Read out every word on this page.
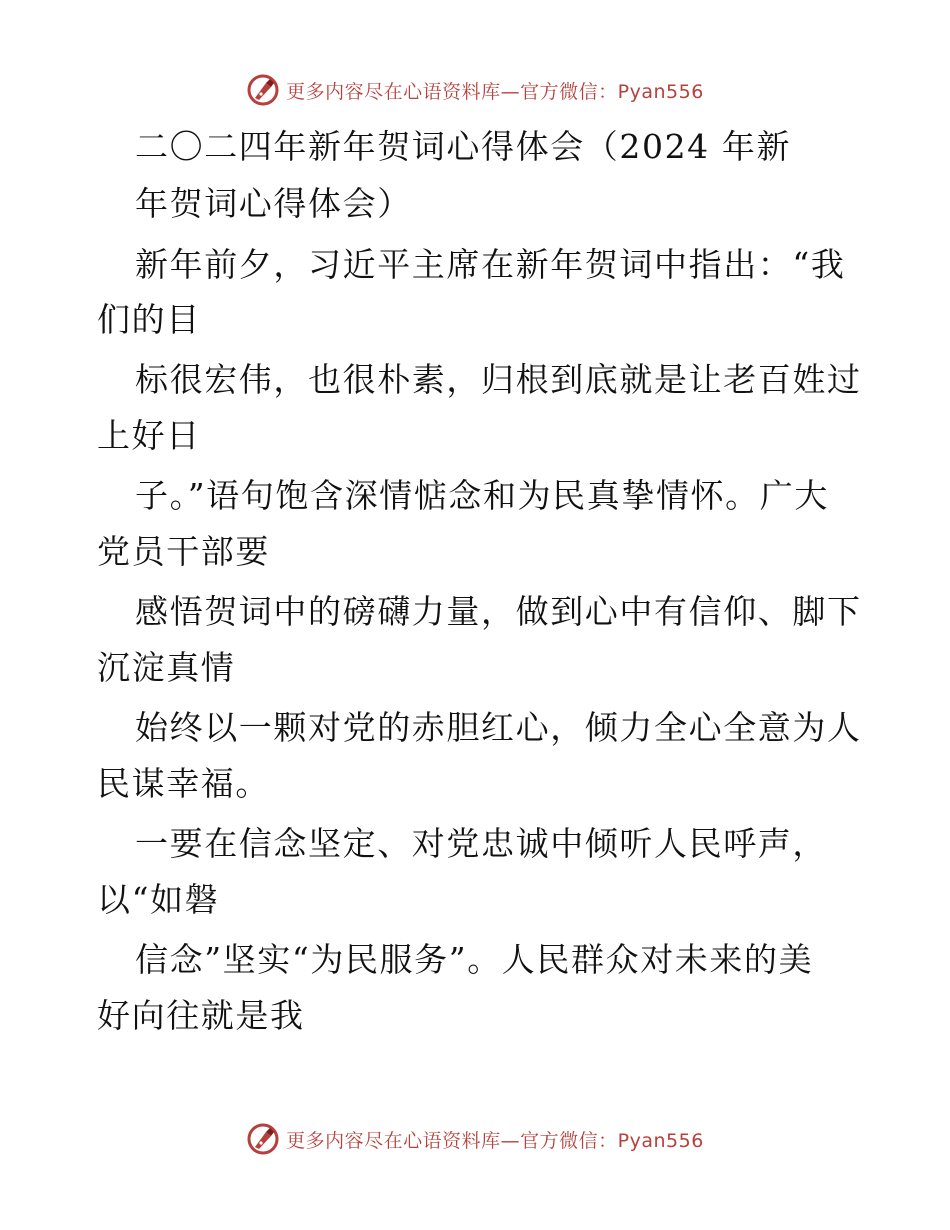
更多内容尽在心语资料库—官方微信：Pyan556
二〇二四年新年贺词心得体会（2024 年新
年贺词心得体会）
新年前夕，习近平主席在新年贺词中指出：“我
们的目
标很宏伟，也很朴素，归根到底就是让老百姓过
上好日
子。”语句饱含深情惦念和为民真挚情怀。广大
党员干部要
感悟贺词中的磅礴力量，做到心中有信仰、脚下
沉淀真情
始终以一颗对党的赤胆红心，倾力全心全意为人
民谋幸福。
一要在信念坚定、对党忠诚中倾听人民呼声，
以“如磐
信念”坚实“为民服务”。人民群众对未来的美
好向往就是我
更多内容尽在心语资料库—官方微信：Pyan556
